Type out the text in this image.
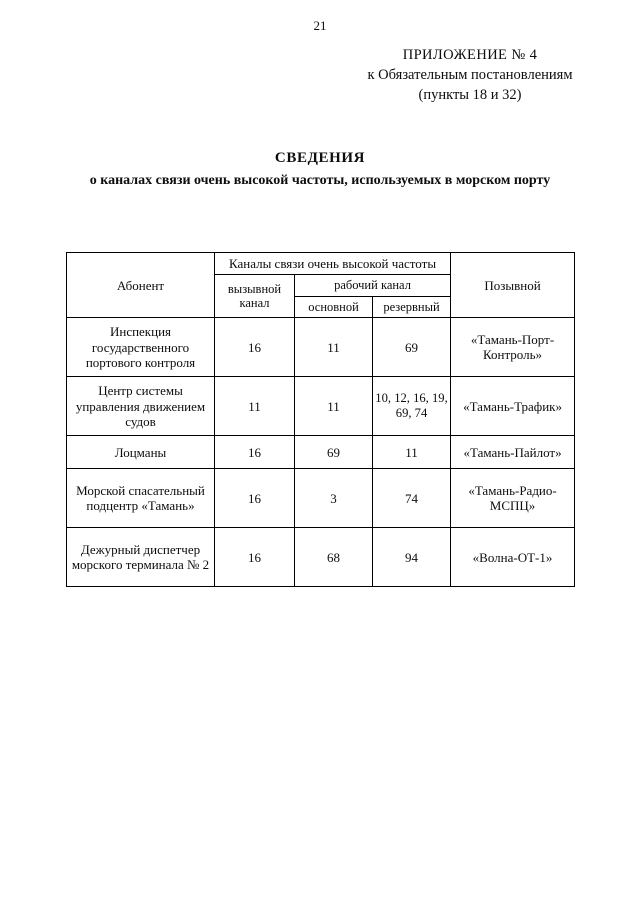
21
ПРИЛОЖЕНИЕ № 4
к Обязательным постановлениям
(пункты 18 и 32)
СВЕДЕНИЯ
о каналах связи очень высокой частоты, используемых в морском порту
Абонент	Каналы связи очень высокой частоты			Позывной
	вызывной канал	рабочий канал		
		основной	резервный	
Инспекция государственного портового контроля	16	11	69	«Тамань-Порт-Контроль»
Центр системы управления движением судов	11	11	10, 12, 16, 19, 69, 74	«Тамань-Трафик»
Лоцманы	16	69	11	«Тамань-Пайлот»
Морской спасательный подцентр «Тамань»	16	3	74	«Тамань-Радио-МСПЦ»
Дежурный диспетчер морского терминала № 2	16	68	94	«Волна-ОТ-1»
